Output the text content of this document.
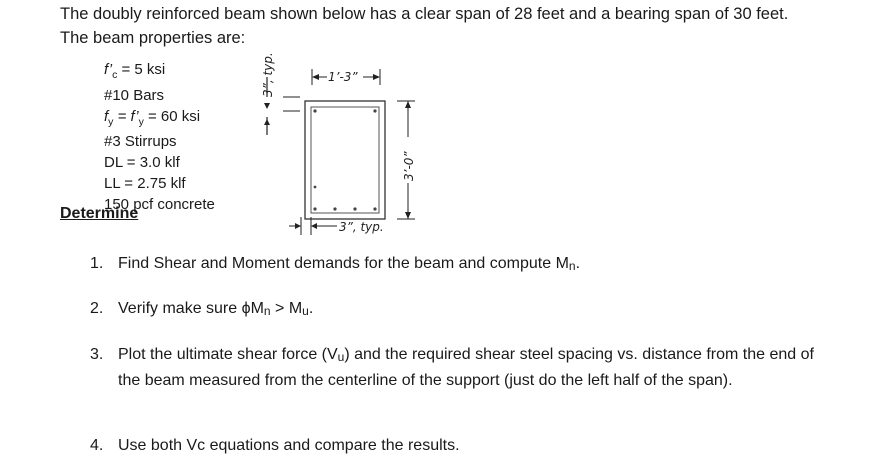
The doubly reinforced beam shown below has a clear span of 28 feet and a bearing span of 30 feet.
The beam properties are:
$f’_c = 5$ ksi
#10 Bars
$f_y$ = $f’_y = 60$ ksi
#3 Stirrups
DL = 3.0 klf
LL = 2.75 klf
150 pcf concrete
Determine
3”, typ.	1’-3”
3’-0”
3”, typ.
1. Find Shear and Moment demands for the beam and compute Mn.
2. Verify make sure ϕMn > Mu.
3. Plot the ultimate shear force (Vu) and the required shear steel spacing vs. distance from the end of the beam measured from the centerline of the support (just do the left half of the span).
4. Use both Vc equations and compare the results.
